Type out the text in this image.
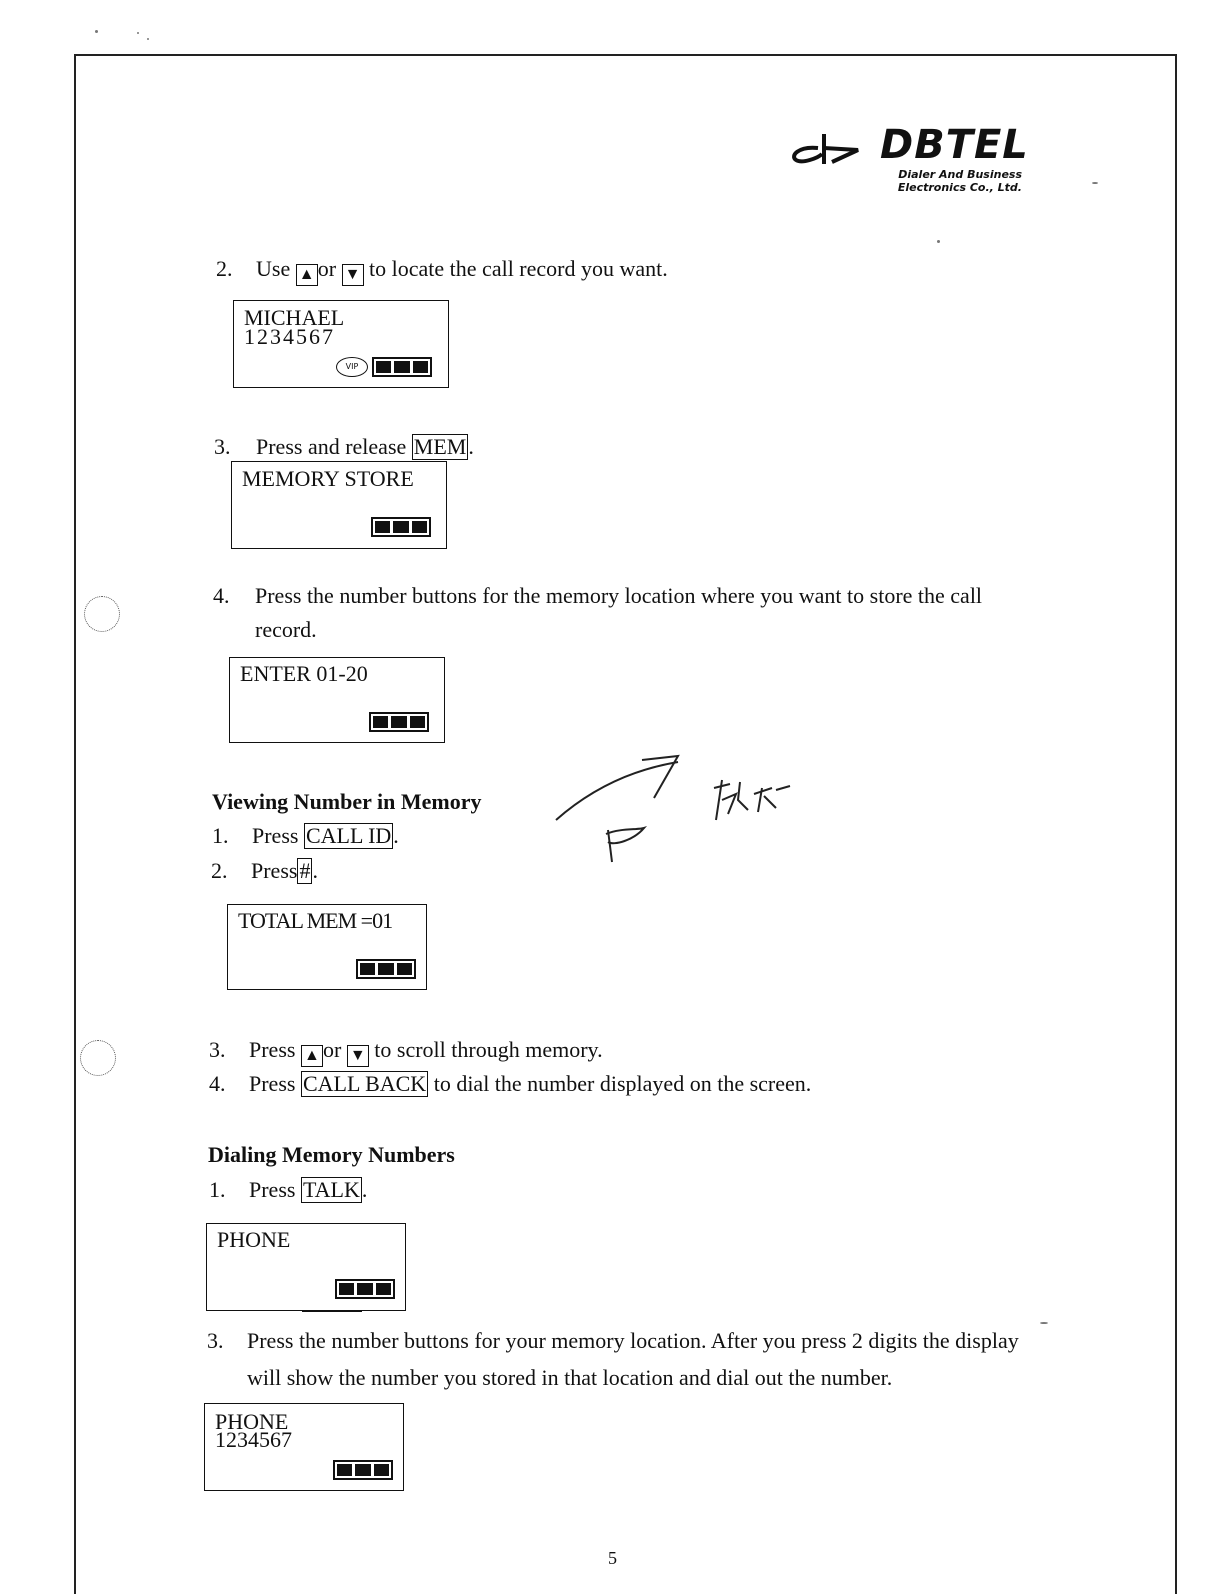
DBTEL
Dialer And Business Electronics Co., Ltd.
2. Use ▲ or ▼ to locate the call record you want.
MICHAEL
1234567
VIP
3. Press and release MEM.
MEMORY STORE
4.	Press the number buttons for the memory location where you want to store the call record.
ENTER 01-20
Viewing Number in Memory
1. Press CALL ID.
2. Press#.
TOTAL MEM =01
3. Press ▲ or ▼ to scroll through memory.
4. Press CALL BACK to dial the number displayed on the screen.
Dialing Memory Numbers
1. Press TALK.
PHONE
3.	Press the number buttons for your memory location. After you press 2 digits the display will show the number you stored in that location and dial out the number.
PHONE
1234567
5
